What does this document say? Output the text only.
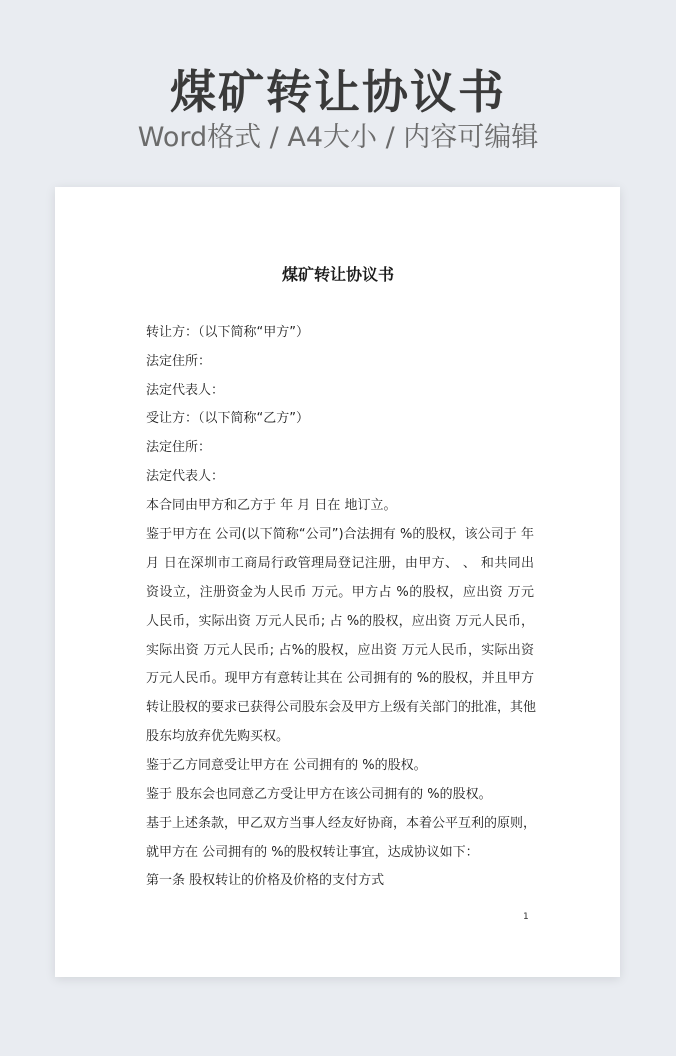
煤矿转让协议书
Word格式 / A4大小 / 内容可编辑
煤矿转让协议书
转让方：（以下简称“甲方”）
法定住所：
法定代表人：
受让方：（以下简称“乙方”）
法定住所：
法定代表人：
本合同由甲方和乙方于 年 月 日在 地订立。
鉴于甲方在 公司(以下简称“公司”)合法拥有 %的股权，该公司于 年
月 日在深圳市工商局行政管理局登记注册，由甲方、 、 和共同出
资设立，注册资金为人民币 万元。甲方占 %的股权，应出资 万元
人民币，实际出资 万元人民币; 占 %的股权，应出资 万元人民币，
实际出资 万元人民币; 占%的股权，应出资 万元人民币，实际出资
万元人民币。现甲方有意转让其在 公司拥有的 %的股权，并且甲方
转让股权的要求已获得公司股东会及甲方上级有关部门的批准，其他
股东均放弃优先购买权。
鉴于乙方同意受让甲方在 公司拥有的 %的股权。
鉴于 股东会也同意乙方受让甲方在该公司拥有的 %的股权。
基于上述条款，甲乙双方当事人经友好协商，本着公平互利的原则，
就甲方在 公司拥有的 %的股权转让事宜，达成协议如下：
第一条 股权转让的价格及价格的支付方式
1
